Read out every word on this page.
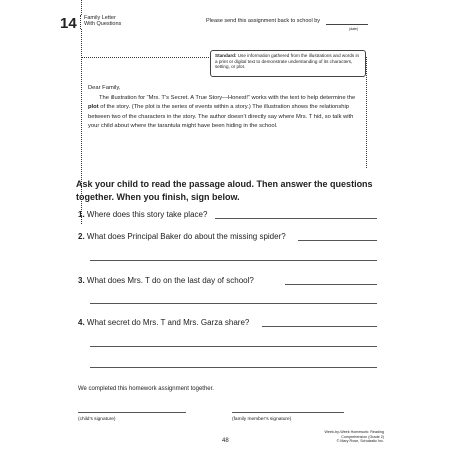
14 Family Letter
With Questions
Please send this assignment back to school by
(date)
Standard: Use information gathered from the illustrations and words in a print or digital text to demonstrate understanding of its characters, setting, or plot.

Dear Family,

The illustration for “Mrs. T’s Secret. A True Story—Honest!” works with the text to help determine the plot of the story. (The plot is the series of events within a story.) The illustration shows the relationship between two of the characters in the story. The author doesn’t directly say where Mrs. T hid, so talk with your child about where the tarantula might have been hiding in the school.

Ask your child to read the passage aloud. Then answer the questions together. When you finish, sign below.
1. Where does this story take place?
2. What does Principal Baker do about the missing spider?
3. What does Mrs. T do on the last day of school?
4. What secret do Mrs. T and Mrs. Garza share?
We completed this homework assignment together.
(child’s signature)	(family member’s signature)
48
Week-by-Week Homework: Reading Comprehension (Grade 2)
© Mary Rose, Scholastic Inc.
